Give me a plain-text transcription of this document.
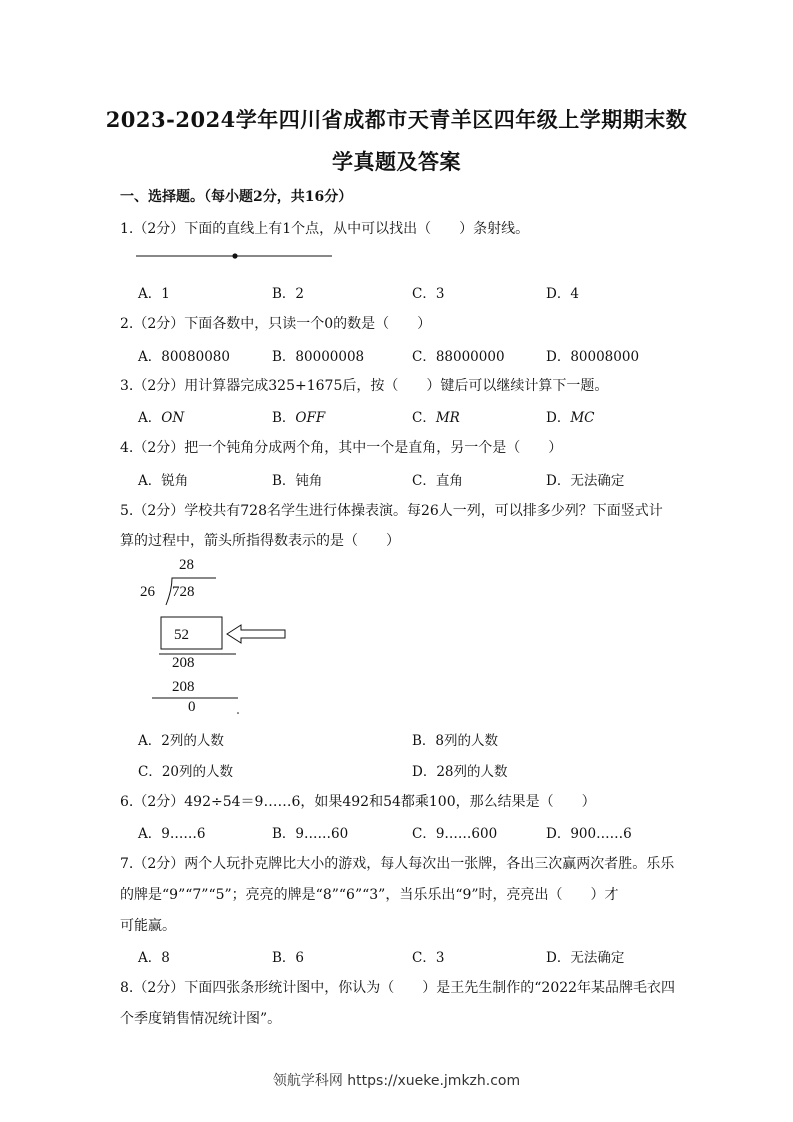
2023-2024学年四川省成都市天青羊区四年级上学期期末数
学真题及答案
一、选择题。（每小题2分，共16分）
1.（2分）下面的直线上有1个点，从中可以找出（　　）条射线。
A．1	B．2	C．3	D．4
2.（2分）下面各数中，只读一个0的数是（　　）
A．80080080	B．80000008	C．88000000	D．80008000
3.（2分）用计算器完成325+1675后，按（　　）键后可以继续计算下一题。
A．ON	B．OFF	C．MR	D．MC
4.（2分）把一个钝角分成两个角，其中一个是直角，另一个是（　　）
A．锐角	B．钝角	C．直角	D．无法确定
5.（2分）学校共有728名学生进行体操表演。每26人一列，可以排多少列？下面竖式计
算的过程中，箭头所指得数表示的是（　　）
28
26 728
52
208
208
0
A．2列的人数	B．8列的人数
C．20列的人数	D．28列的人数
6.（2分）492÷54＝9……6，如果492和54都乘100，那么结果是（　　）
A．9……6	B．9……60	C．9……600	D．900……6
7.（2分）两个人玩扑克牌比大小的游戏，每人每次出一张牌，各出三次赢两次者胜。乐乐
的牌是“9”“7”“5”；亮亮的牌是“8”“6”“3”，当乐乐出“9”时，亮亮出（　　）才
可能赢。
A．8	B．6	C．3	D．无法确定
8.（2分）下面四张条形统计图中，你认为（　　）是王先生制作的“2022年某品牌毛衣四
个季度销售情况统计图”。
领航学科网 https://xueke.jmkzh.com
